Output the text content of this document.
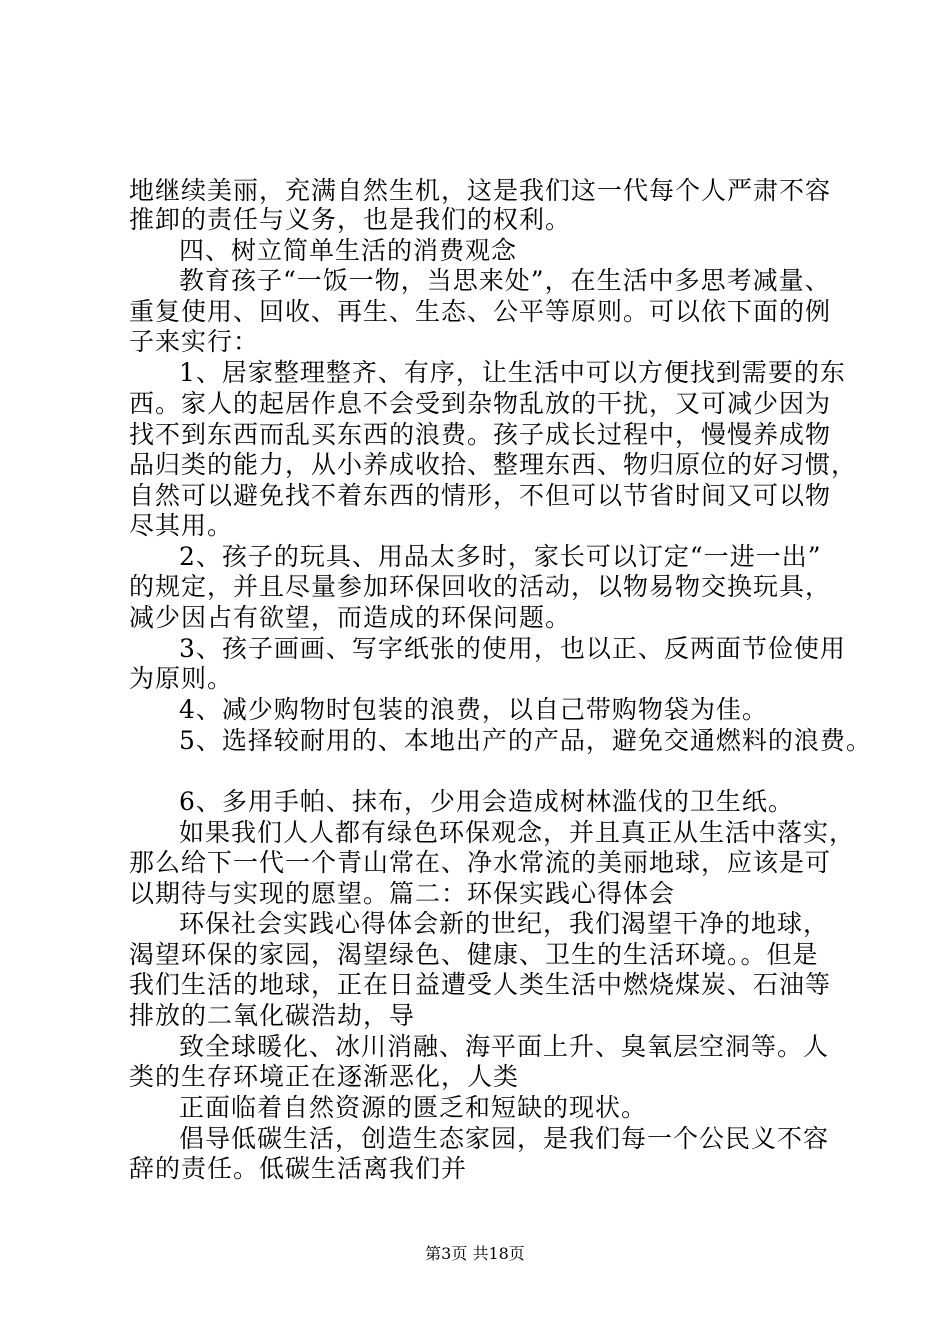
地继续美丽，充满自然生机，这是我们这一代每个人严肃不容
推卸的责任与义务，也是我们的权利。
四、树立简单生活的消费观念
教育孩子“一饭一物，当思来处”，在生活中多思考减量、
重复使用、回收、再生、生态、公平等原则。可以依下面的例
子来实行：
1、居家整理整齐、有序，让生活中可以方便找到需要的东
西。家人的起居作息不会受到杂物乱放的干扰，又可减少因为
找不到东西而乱买东西的浪费。孩子成长过程中，慢慢养成物
品归类的能力，从小养成收拾、整理东西、物归原位的好习惯，
自然可以避免找不着东西的情形，不但可以节省时间又可以物
尽其用。
2、孩子的玩具、用品太多时，家长可以订定“一进一出”
的规定，并且尽量参加环保回收的活动，以物易物交换玩具，
减少因占有欲望，而造成的环保问题。
3、孩子画画、写字纸张的使用，也以正、反两面节俭使用
为原则。
4、减少购物时包装的浪费，以自己带购物袋为佳。
5、选择较耐用的、本地出产的产品，避免交通燃料的浪费。
6、多用手帕、抹布，少用会造成树林滥伐的卫生纸。
如果我们人人都有绿色环保观念，并且真正从生活中落实，
那么给下一代一个青山常在、净水常流的美丽地球，应该是可
以期待与实现的愿望。篇二：环保实践心得体会
环保社会实践心得体会新的世纪，我们渴望干净的地球，
渴望环保的家园，渴望绿色、健康、卫生的生活环境。。但是
我们生活的地球，正在日益遭受人类生活中燃烧煤炭、石油等
排放的二氧化碳浩劫，导
致全球暖化、冰川消融、海平面上升、臭氧层空洞等。人
类的生存环境正在逐渐恶化，人类
正面临着自然资源的匮乏和短缺的现状。
倡导低碳生活，创造生态家园，是我们每一个公民义不容
辞的责任。低碳生活离我们并
第3页 共18页
